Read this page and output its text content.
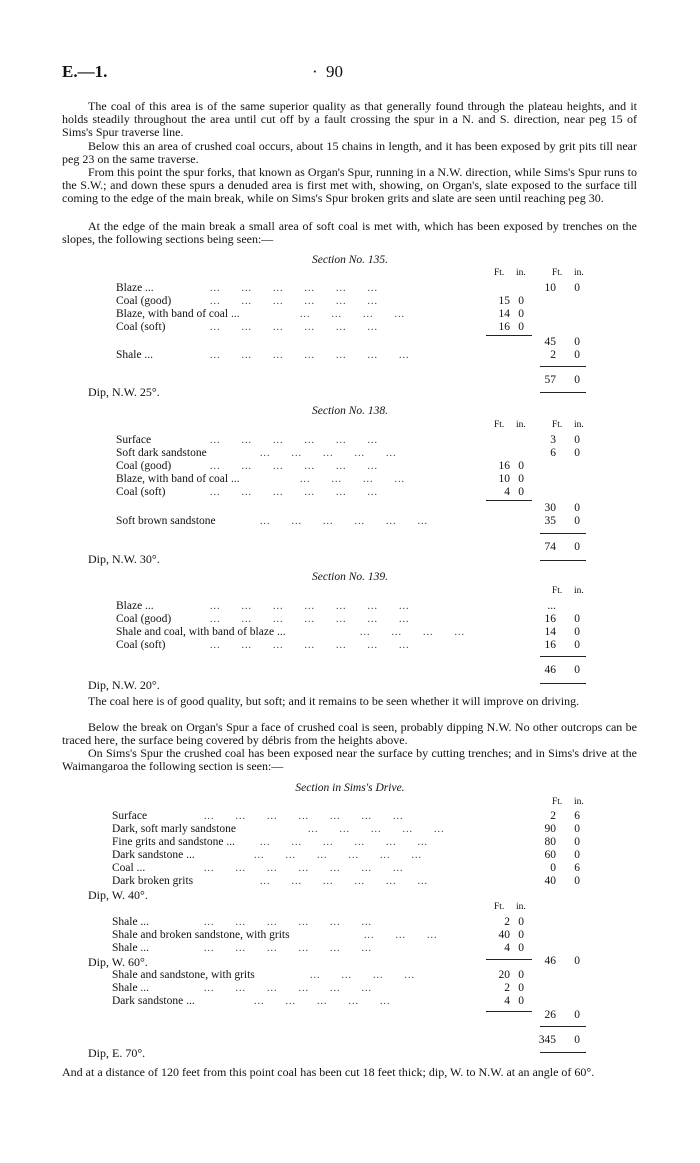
E.—1.	· 90

The coal of this area is of the same superior quality as that generally found through the plateau heights, and it holds steadily throughout the area until cut off by a fault crossing the spur in a N. and S. direction, near peg 15 of Sims's Spur traverse line.

Below this an area of crushed coal occurs, about 15 chains in length, and it has been exposed by grit pits till near peg 23 on the same traverse.

From this point the spur forks, that known as Organ's Spur, running in a N.W. direction, while Sims's Spur runs to the S.W.; and down these spurs a denuded area is first met with, showing, on Organ's, slate exposed to the surface till coming to the edge of the main break, while on Sims's Spur broken grits and slate are seen until reaching peg 30.

At the edge of the main break a small area of soft coal is met with, which has been exposed by trenches on the slopes, the following sections being seen:—

Section No. 135.
Ft. in.	Ft. in.
Blaze ...	...      ...      ...      ...      ...      ...	10	0
Coal (good)	...      ...      ...      ...      ...      ...	15 0
Blaze, with band of coal ...	...      ...      ...      ...	14 0
Coal (soft)	...      ...      ...      ...      ...      ...	16 0
45	0
Shale ...	...      ...      ...      ...      ...      ...      ...	2	0
57	0
Dip, N.W. 25°.
Section No. 138.
Ft. in.	Ft. in.
Surface	...      ...      ...      ...      ...      ...	3	0
Soft dark sandstone	...      ...      ...      ...      ...	6	0
Coal (good)	...      ...      ...      ...      ...      ...	16 0
Blaze, with band of coal ...	...      ...      ...      ...	10 0
Coal (soft)	...      ...      ...      ...      ...      ...	4 0
30	0
Soft brown sandstone	...      ...      ...      ...      ...      ...	35	0
74	0
Dip, N.W. 30°.
Section No. 139.
Ft. in.
Blaze ...	...      ...      ...      ...      ...      ...      ...	...
Coal (good)	...      ...      ...      ...      ...      ...      ...	16	0
Shale and coal, with band of blaze ...	...      ...      ...      ...	14	0
Coal (soft)	...      ...      ...      ...      ...      ...      ...	16	0
46	0
Dip, N.W. 20°.

The coal here is of good quality, but soft; and it remains to be seen whether it will improve on driving.

Below the break on Organ's Spur a face of crushed coal is seen, probably dipping N.W. No other outcrops can be traced here, the surface being covered by débris from the heights above.

On Sims's Spur the crushed coal has been exposed near the surface by cutting trenches; and in Sims's drive at the Waimangaroa the following section is seen:—

Section in Sims's Drive.
Ft. in.
Surface	...      ...      ...      ...      ...      ...      ...	2	6
Dark, soft marly sandstone	...      ...      ...      ...      ...	90	0
Fine grits and sandstone ...	...      ...      ...      ...      ...      ...	80	0
Dark sandstone ...	...      ...      ...      ...      ...      ...	60	0
Coal ...	...      ...      ...      ...      ...      ...      ...	0	6
Dark broken grits	...      ...      ...      ...      ...      ...	40	0
Dip, W. 40°.
Ft. in.
Shale ...	...      ...      ...      ...      ...      ...	2 0
Shale and broken sandstone, with grits	...      ...      ...	40 0
Shale ...	...      ...      ...      ...      ...      ...	4 0
Dip, W. 60°.	46	0
Shale and sandstone, with grits	...      ...      ...      ...	20 0
Shale ...	...      ...      ...      ...      ...      ...	2 0
Dark sandstone ...	...      ...      ...      ...      ...	4 0
26	0
345	0
Dip, E. 70°.

And at a distance of 120 feet from this point coal has been cut 18 feet thick; dip, W. to N.W. at an angle of 60°.
